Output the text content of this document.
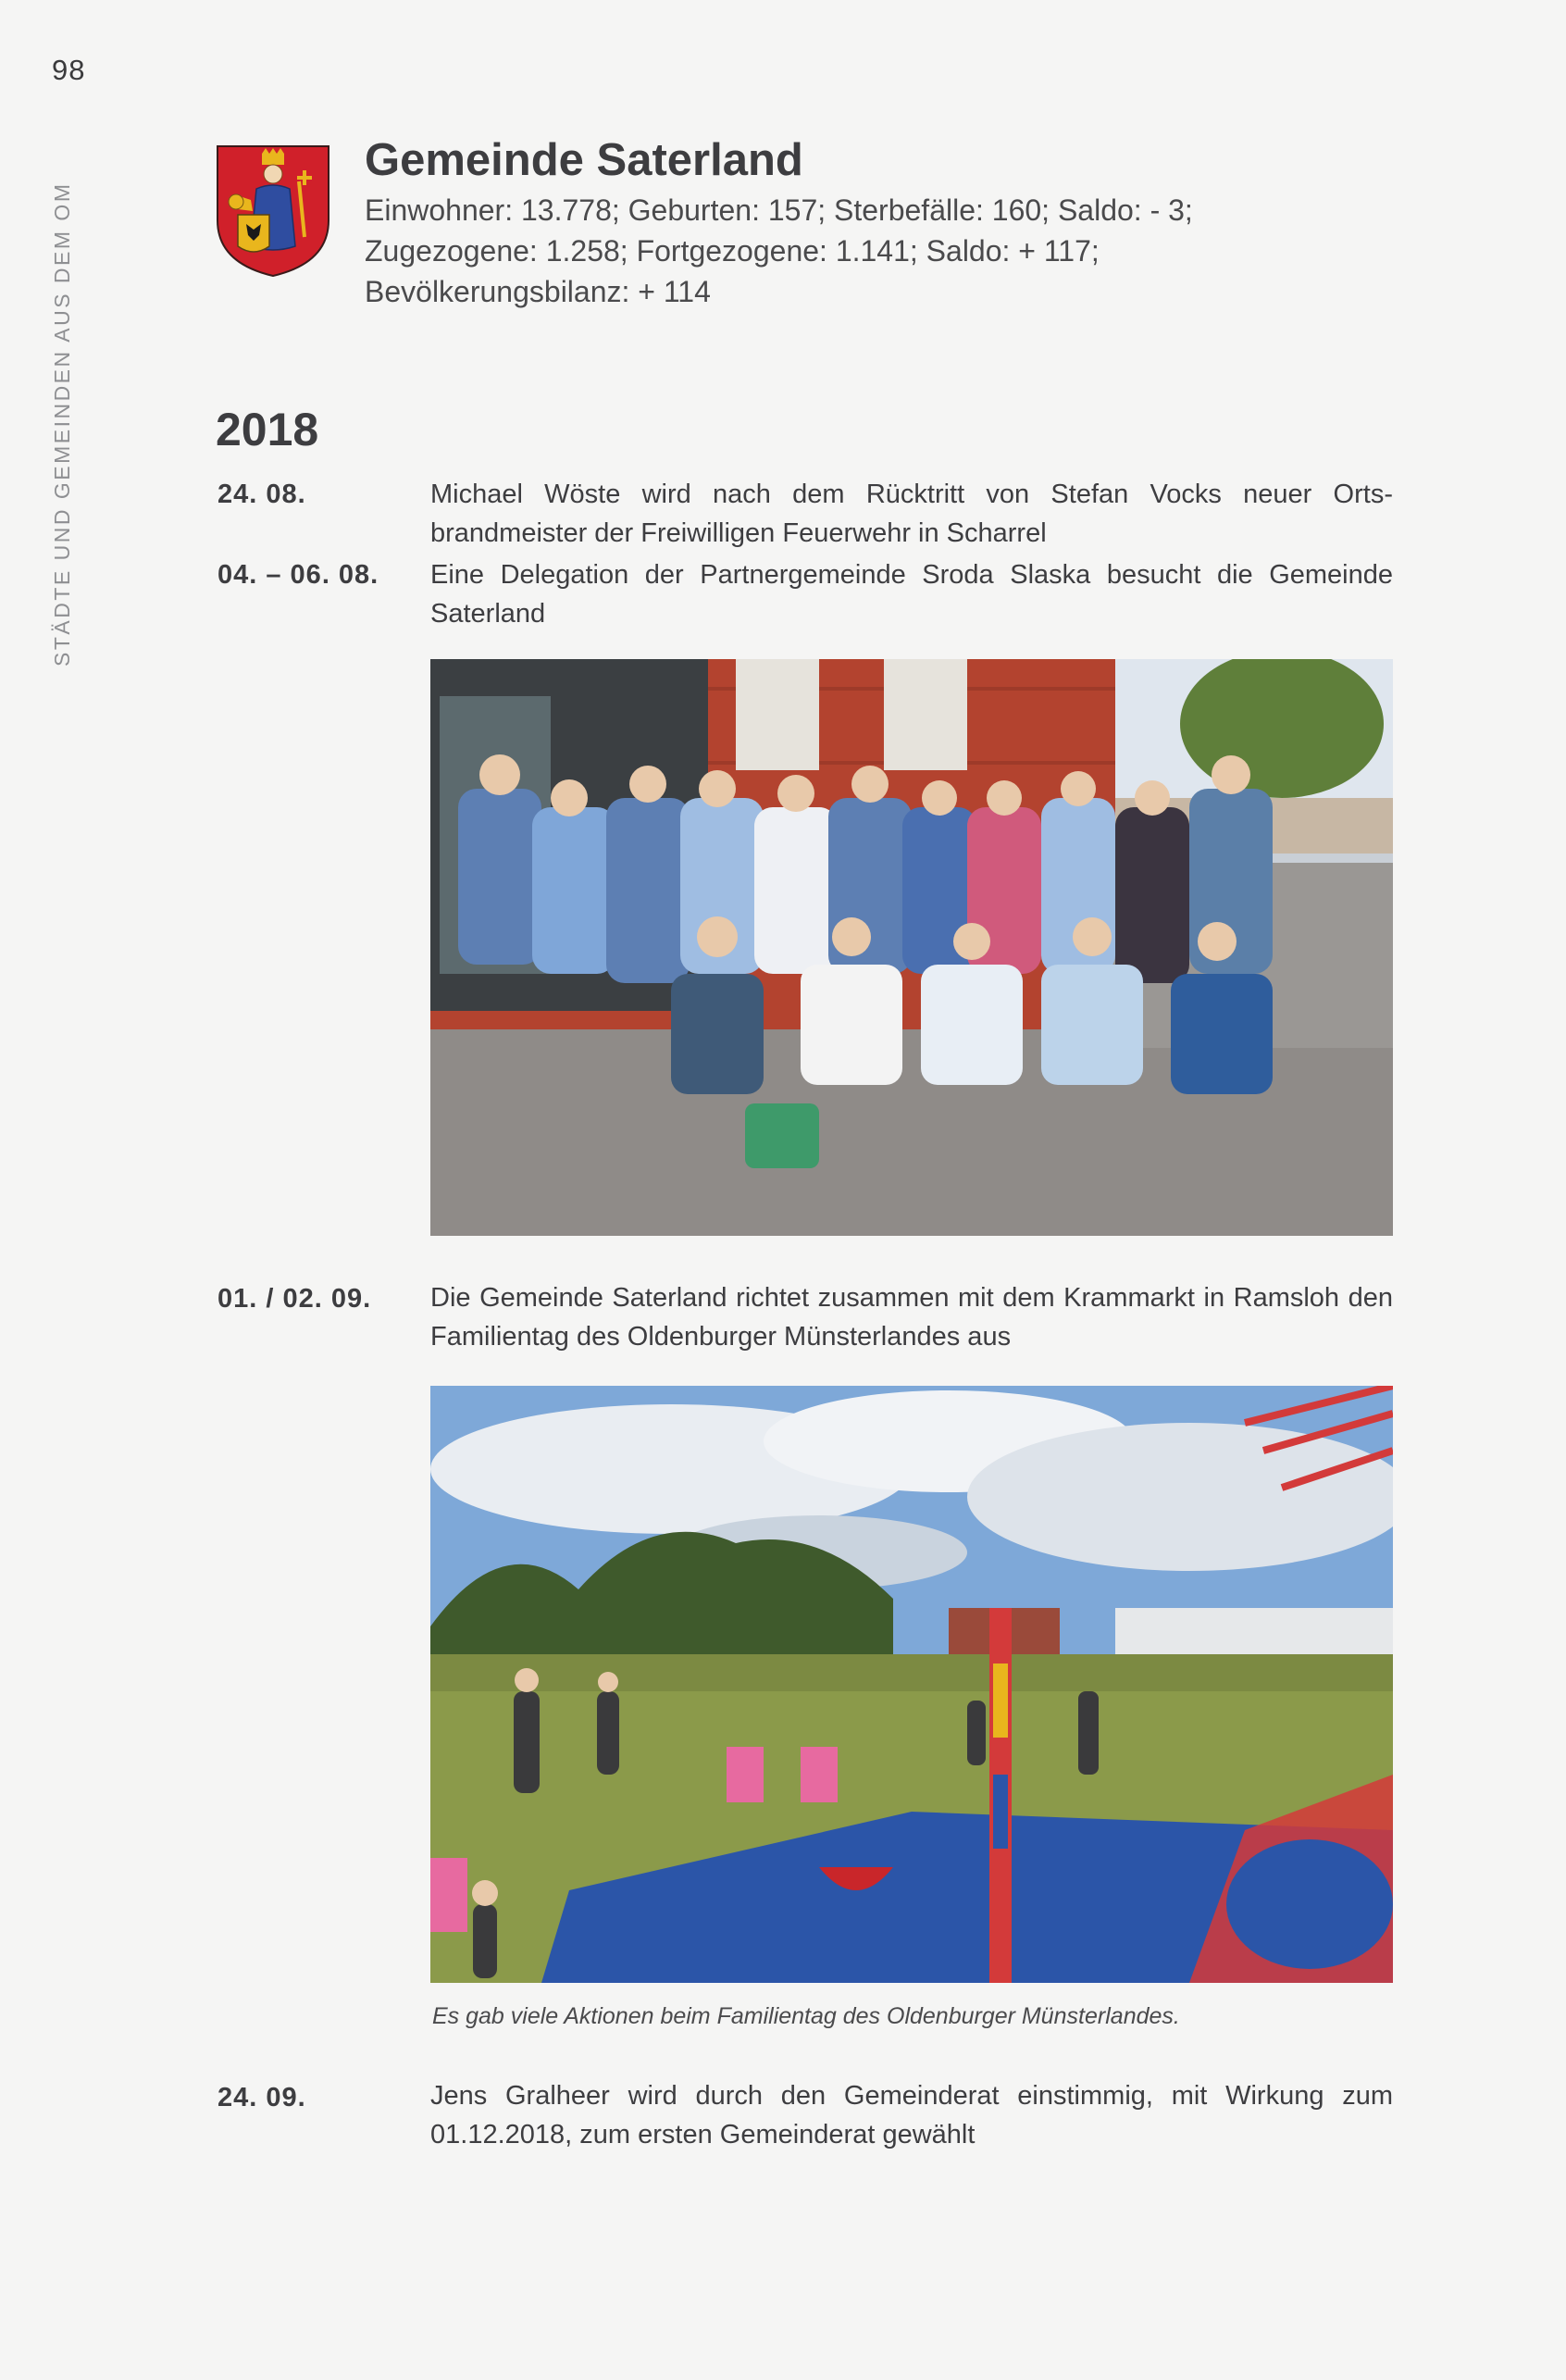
98
STÄDTE UND GEMEINDEN AUS DEM OM
Gemeinde Saterland
Einwohner: 13.778; Geburten: 157; Sterbefälle: 160; Saldo: - 3;
Zugezogene: 1.258; Fortgezogene: 1.141; Saldo: + 117;
Bevölkerungsbilanz: + 114
2018
24. 08.	Michael Wöste wird nach dem Rücktritt von Stefan Vocks neuer Ortsbrandmeister der Freiwilligen Feuerwehr in Scharrel
04. – 06. 08. Eine Delegation der Partnergemeinde Sroda Slaska besucht die Gemeinde Saterland
01. / 02. 09. Die Gemeinde Saterland richtet zusammen mit dem Krammarkt in Ramsloh den Familientag des Oldenburger Münsterlandes aus
Es gab viele Aktionen beim Familientag des Oldenburger Münsterlandes.
24. 09.	Jens Gralheer wird durch den Gemeinderat einstimmig, mit Wirkung zum 01.12.2018, zum ersten Gemeinderat gewählt
